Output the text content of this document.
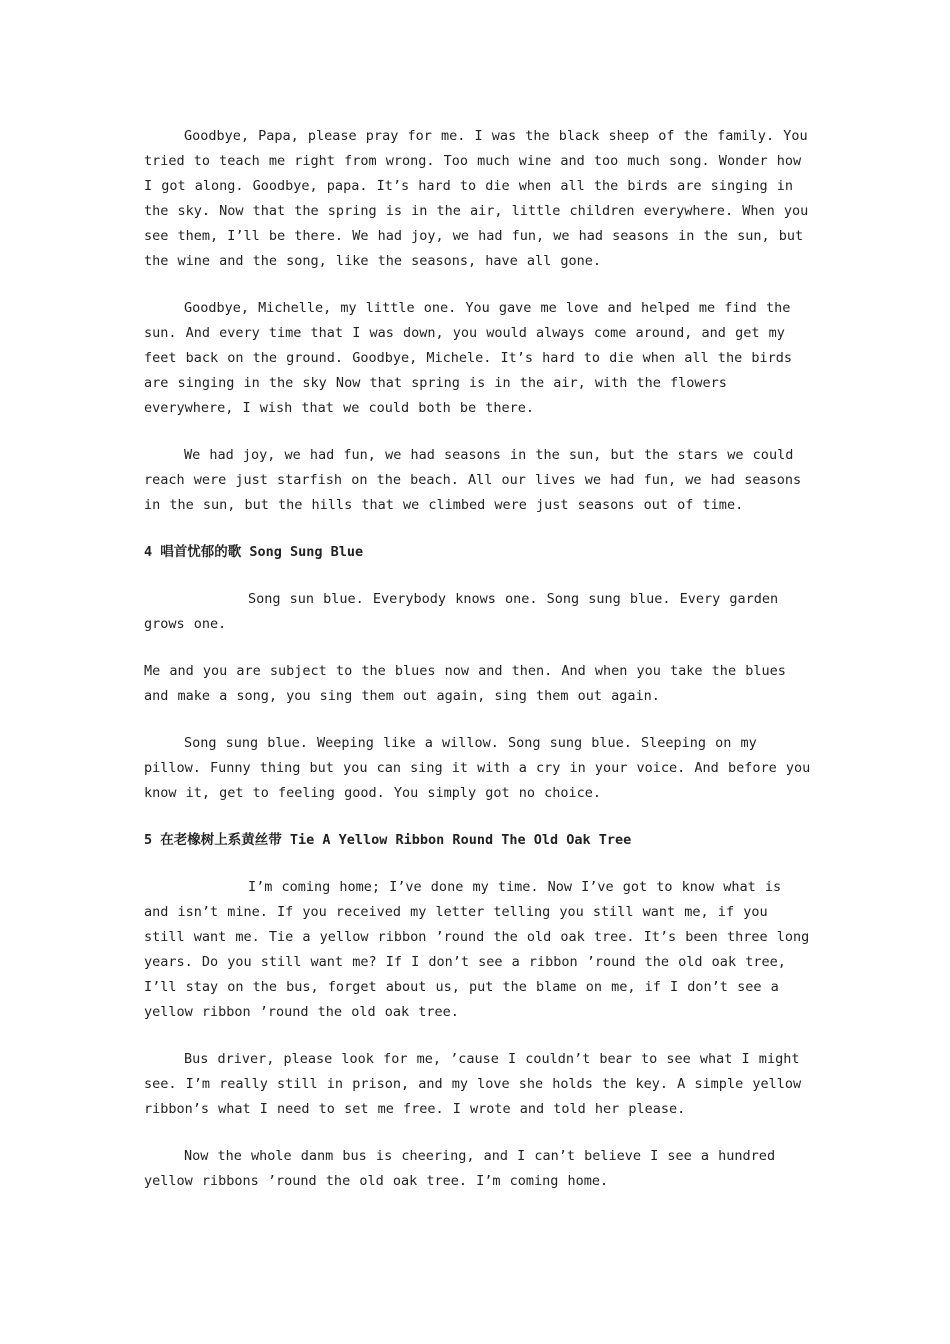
Goodbye, Papa, please pray for me. I was the black sheep of the family. You tried to teach me right from wrong. Too much wine and too much song. Wonder how I got along. Goodbye, papa. It’s hard to die when all the birds are singing in the sky. Now that the spring is in the air, little children everywhere. When you see them, I’ll be there. We had joy, we had fun, we had seasons in the sun, but the wine and the song, like the seasons, have all gone.

Goodbye, Michelle, my little one. You gave me love and helped me find the sun. And every time that I was down, you would always come around, and get my feet back on the ground. Goodbye, Michele. It’s hard to die when all the birds are singing in the sky Now that spring is in the air, with the flowers everywhere, I wish that we could both be there.

We had joy, we had fun, we had seasons in the sun, but the stars we could reach were just starfish on the beach. All our lives we had fun, we had seasons in the sun, but the hills that we climbed were just seasons out of time.

4 唱首忧郁的歌 Song Sung Blue

Song sun blue. Everybody knows one. Song sung blue. Every garden grows one.

Me and you are subject to the blues now and then. And when you take the blues and make a song, you sing them out again, sing them out again.

Song sung blue. Weeping like a willow. Song sung blue. Sleeping on my pillow. Funny thing but you can sing it with a cry in your voice. And before you know it, get to feeling good. You simply got no choice.

5 在老橡树上系黄丝带 Tie A Yellow Ribbon Round The Old Oak Tree

I’m coming home; I’ve done my time. Now I’ve got to know what is and isn’t mine. If you received my letter telling you still want me, if you still want me. Tie a yellow ribbon ’round the old oak tree. It’s been three long years. Do you still want me? If I don’t see a ribbon ’round the old oak tree, I’ll stay on the bus, forget about us, put the blame on me, if I don’t see a yellow ribbon ’round the old oak tree.

Bus driver, please look for me, ’cause I couldn’t bear to see what I might see. I’m really still in prison, and my love she holds the key. A simple yellow ribbon’s what I need to set me free. I wrote and told her please.

Now the whole danm bus is cheering, and I can’t believe I see a hundred yellow ribbons ’round the old oak tree. I’m coming home.
